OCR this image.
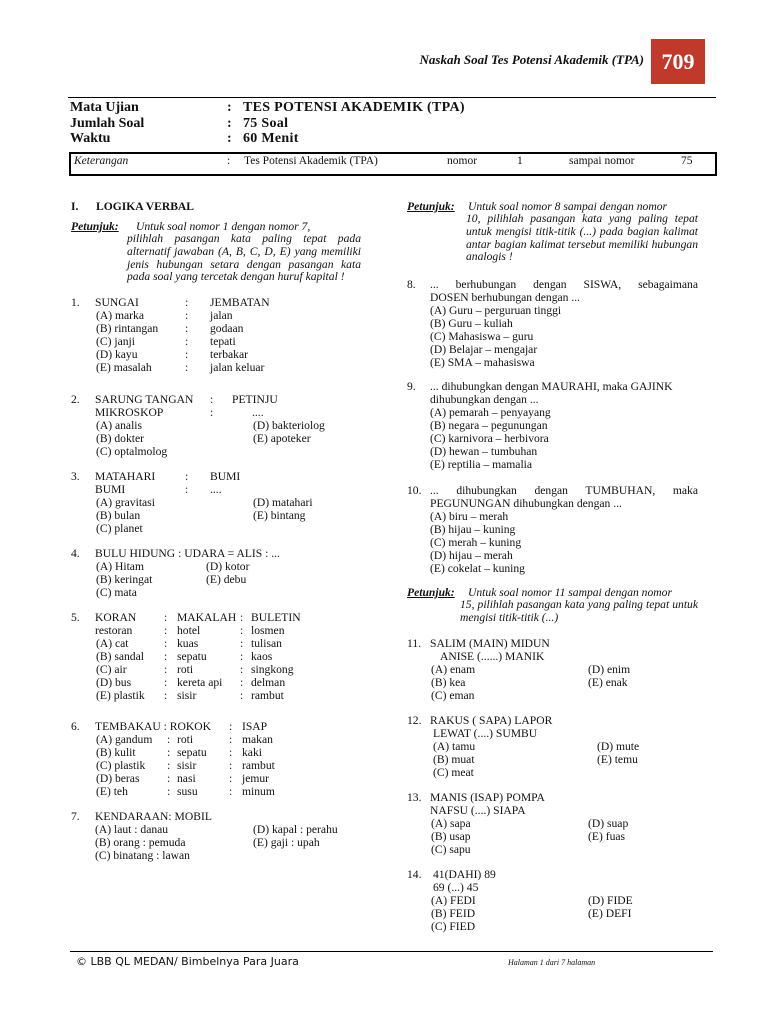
Naskah Soal Tes Potensi Akademik (TPA) 709
Mata Ujian	: TES POTENSI AKADEMIK (TPA)
Jumlah Soal	: 75 Soal
Waktu	: 60 Menit
Keterangan	: Tes Potensi Akademik (TPA)	nomor	1	sampai nomor	75
I. LOGIKA VERBAL
Petunjuk: Untuk soal nomor 1 dengan nomor 7,
pilihlah pasangan kata paling tepat pada alternatif jawaban (A, B, C, D, E) yang memiliki jenis hubungan setara dengan pasangan kata pada soal yang tercetak dengan huruf kapital !
1. SUNGAI	: JEMBATAN
(A) marka	: jalan
(B) rintangan : godaan
(C) janji	: tepati
(D) kayu	: terbakar
(E) masalah	: jalan keluar
2. SARUNG TANGAN : PETINJU
MIKROSKOP	:	....
(A) analis
(B) dokter
(C) optalmolog
(D) bakteriolog
(E) apoteker
3. MATAHARI	: BUMI
BUMI	: ....
(A) gravitasi
(B) bulan
(C) planet
(D) matahari
(E) bintang
4. BULU HIDUNG : UDARA = ALIS : ...
(A) Hitam
(B) keringat
(C) mata
(D) kotor
(E) debu
5. KORAN : MAKALAH : BULETIN
restoran	: hotel	: losmen
(A) cat	: kuas	: tulisan
(B) sandal : sepatu	: kaos
(C) air	: roti	: singkong
(D) bus	: kereta api : delman
(E) plastik : sisir	: rambut
6. TEMBAKAU : ROKOK : ISAP
(A) gandum : roti	: makan
(B) kulit	: sepatu : kaki
(C) plastik : sisir	: rambut
(D) beras : nasi	: jemur
(E) teh	: susu	: minum
7. KENDARAAN: MOBIL
(A) laut : danau
(B) orang : pemuda
(C) binatang : lawan
(D) kapal : perahu
(E) gaji : upah
Petunjuk: Untuk soal nomor 8 sampai dengan nomor
10, pilihlah pasangan kata yang paling tepat untuk mengisi titik-titik (...) pada bagian kalimat antar bagian kalimat tersebut memiliki hubungan analogis !
8. ... berhubungan dengan SISWA, sebagaimana
DOSEN berhubungan dengan ...
(A) Guru – perguruan tinggi
(B) Guru – kuliah
(C) Mahasiswa – guru
(D) Belajar – mengajar
(E) SMA – mahasiswa
9. ... dihubungkan dengan MAURAHI, maka GAJINK
dihubungkan dengan ...
(A) pemarah – penyayang
(B) negara – pegunungan
(C) karnivora – herbivora
(D) hewan – tumbuhan
(E) reptilia – mamalia
10. ... dihubungkan dengan TUMBUHAN, maka
PEGUNUNGAN dihubungkan dengan ...
(A) biru – merah
(B) hijau – kuning
(C) merah – kuning
(D) hijau – merah
(E) cokelat – kuning
Petunjuk: Untuk soal nomor 11 sampai dengan nomor
15, pilihlah pasangan kata yang paling tepat untuk mengisi titik-titik (...)
11. SALIM (MAIN) MIDUN
ANISE (......) MANIK
(A) enam
(B) kea
(C) eman
(D) enim
(E) enak
12. RAKUS ( SAPA) LAPOR
LEWAT (....) SUMBU
(A) tamu
(B) muat
(C) meat
(D) mute
(E) temu
13. MANIS (ISAP) POMPA
NAFSU (....) SIAPA
(A) sapa
(B) usap
(C) sapu
(D) suap
(E) fuas
14. 41(DAHI) 89
69 (...) 45
(A) FEDI
(B) FEID
(C) FIED
(D) FIDE
(E) DEFI
© LBB QL MEDAN/ Bimbelnya Para Juara	Halaman 1 dari 7 halaman
